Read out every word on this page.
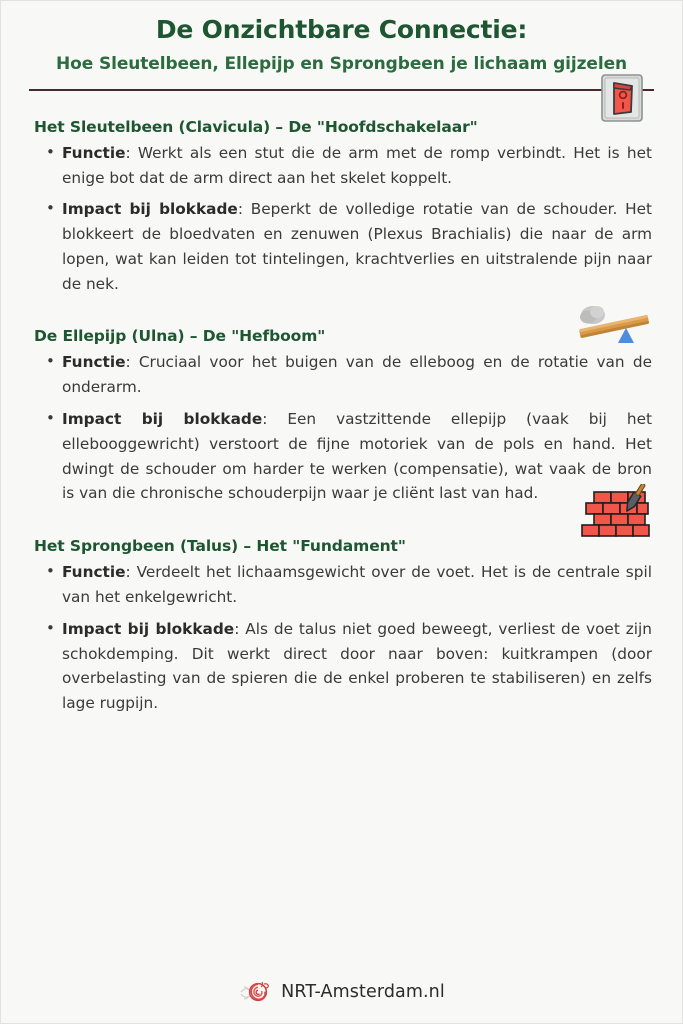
De Onzichtbare Connectie:
Hoe Sleutelbeen, Ellepijp en Sprongbeen je lichaam gijzelen
Het Sleutelbeen (Clavicula) – De "Hoofdschakelaar"
• Functie: Werkt als een stut die de arm met de romp verbindt. Het is het enige bot dat de arm direct aan het skelet koppelt.
• Impact bij blokkade: Beperkt de volledige rotatie van de schouder. Het blokkeert de bloedvaten en zenuwen (Plexus Brachialis) die naar de arm lopen, wat kan leiden tot tintelingen, krachtverlies en uitstralende pijn naar de nek.
De Ellepijp (Ulna) – De "Hefboom"
• Functie: Cruciaal voor het buigen van de elleboog en de rotatie van de onderarm.
• Impact bij blokkade: Een vastzittende ellepijp (vaak bij het ellebooggewricht) verstoort de fijne motoriek van de pols en hand. Het dwingt de schouder om harder te werken (compensatie), wat vaak de bron is van die chronische schouderpijn waar je cliënt last van had.
Het Sprongbeen (Talus) – Het "Fundament"
• Functie: Verdeelt het lichaamsgewicht over de voet. Het is de centrale spil van het enkelgewricht.
• Impact bij blokkade: Als de talus niet goed beweegt, verliest de voet zijn schokdemping. Dit werkt direct door naar boven: kuitkrampen (door overbelasting van de spieren die de enkel proberen te stabiliseren) en zelfs lage rugpijn.
NRT-Amsterdam.nl
